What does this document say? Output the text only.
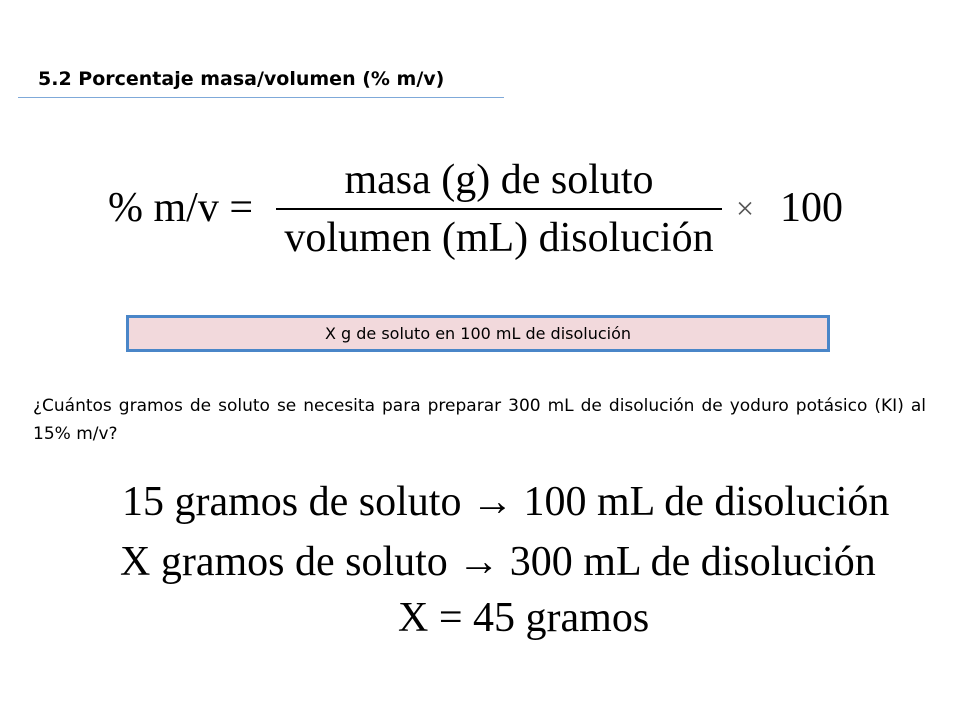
5.2 Porcentaje masa/volumen (% m/v)
% m/v =
masa (g) de soluto
volumen (mL) disolución
× 100
X g de soluto en 100 mL de disolución
¿Cuántos gramos de soluto se necesita para preparar 300 mL de disolución de yoduro potásico (KI) al 15% m/v?
15 gramos de soluto → 100 mL de disolución
X gramos de soluto → 300 mL de disolución
X = 45 gramos
